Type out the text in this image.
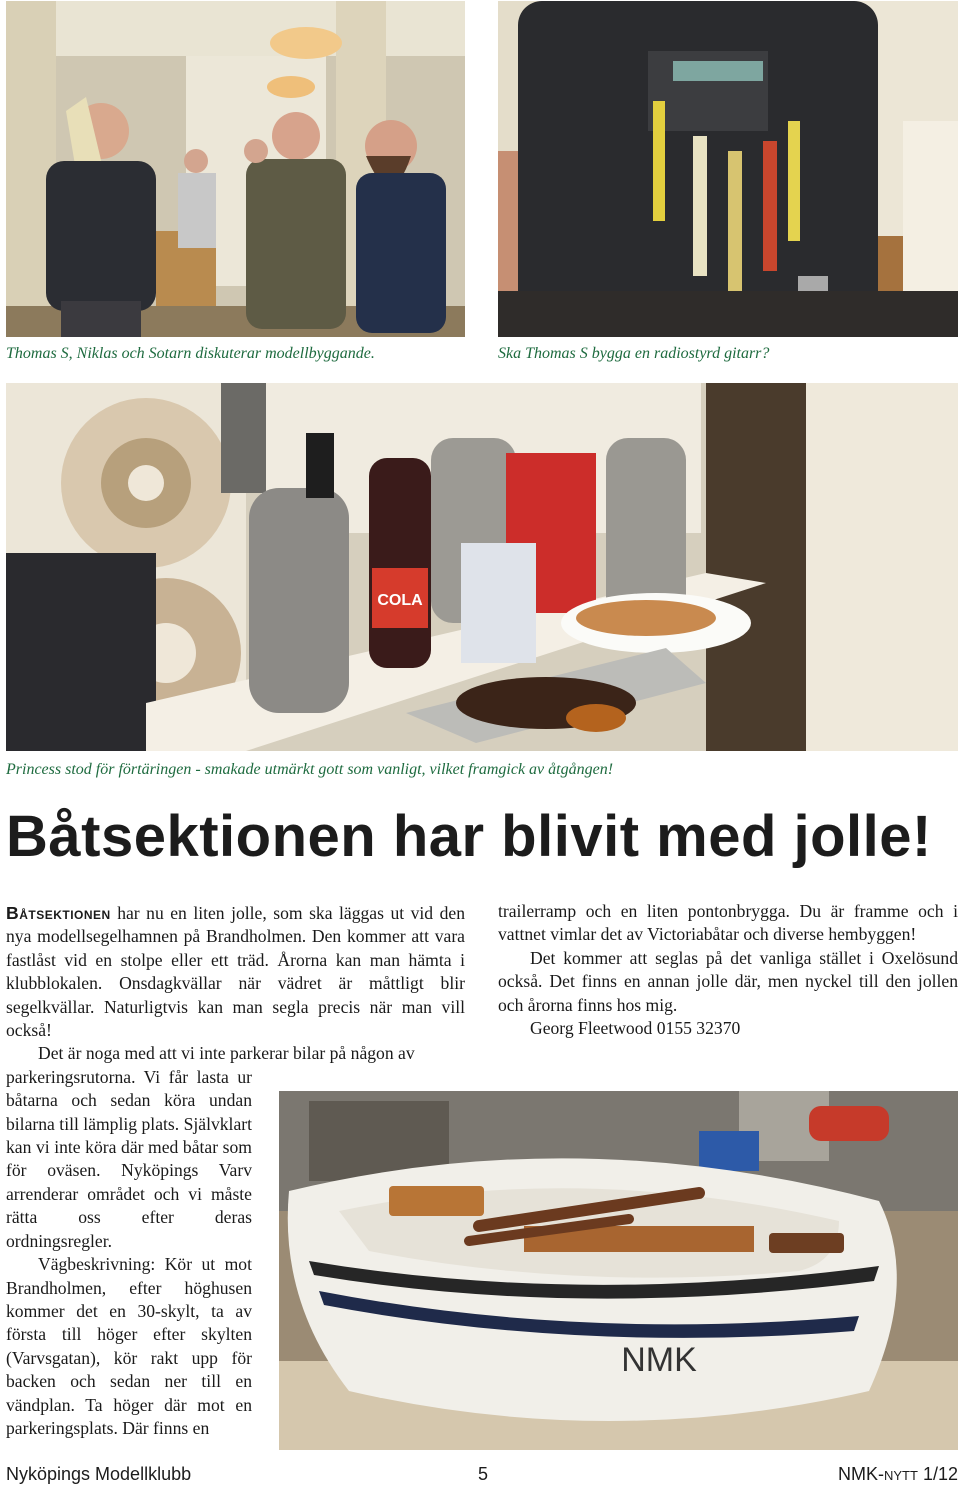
Thomas S, Niklas och Sotarn diskuterar modellbyggande.	Ska Thomas S bygga en radiostyrd gitarr?

COLA

Princess stod för förtäringen - smakade utmärkt gott som vanligt, vilket framgick av åtgången!

Båtsektionen har blivit med jolle!

Båtsektionen har nu en liten jolle, som ska läggas ut vid den nya modellsegelhamnen på Brandholmen. Den kommer att vara fastlåst vid en stolpe eller ett träd. Årorna kan man hämta i klubblokalen. Onsdagkvällar när vädret är måttligt blir segelkvällar. Naturligtvis kan man segla precis när man vill också!

Det är noga med att vi inte parkerar bilar på någon av

parkeringsrutorna. Vi får lasta ur båtarna och sedan köra undan bilarna till lämplig plats. Självklart kan vi inte köra där med båtar som för oväsen. Nyköpings Varv arrenderar området och vi måste rätta oss efter deras ordningsregler.

Vägbeskrivning: Kör ut mot Brandholmen, efter höghusen kommer det en 30-skylt, ta av första till höger efter skylten (Varvsgatan), kör rakt upp för backen och sedan ner till en vändplan. Ta höger där mot en parkeringsplats. Där finns en

trailerramp och en liten pontonbrygga. Du är framme och i vattnet vimlar det av Victoriabåtar och diverse hembyggen!

Det kommer att seglas på det vanliga stället i Oxelösund också. Det finns en annan jolle där, men nyckel till den jollen och årorna finns hos mig.

Georg Fleetwood 0155 32370

NMK
Nyköpings Modellklubb	5	NMK-nytt 1/12
